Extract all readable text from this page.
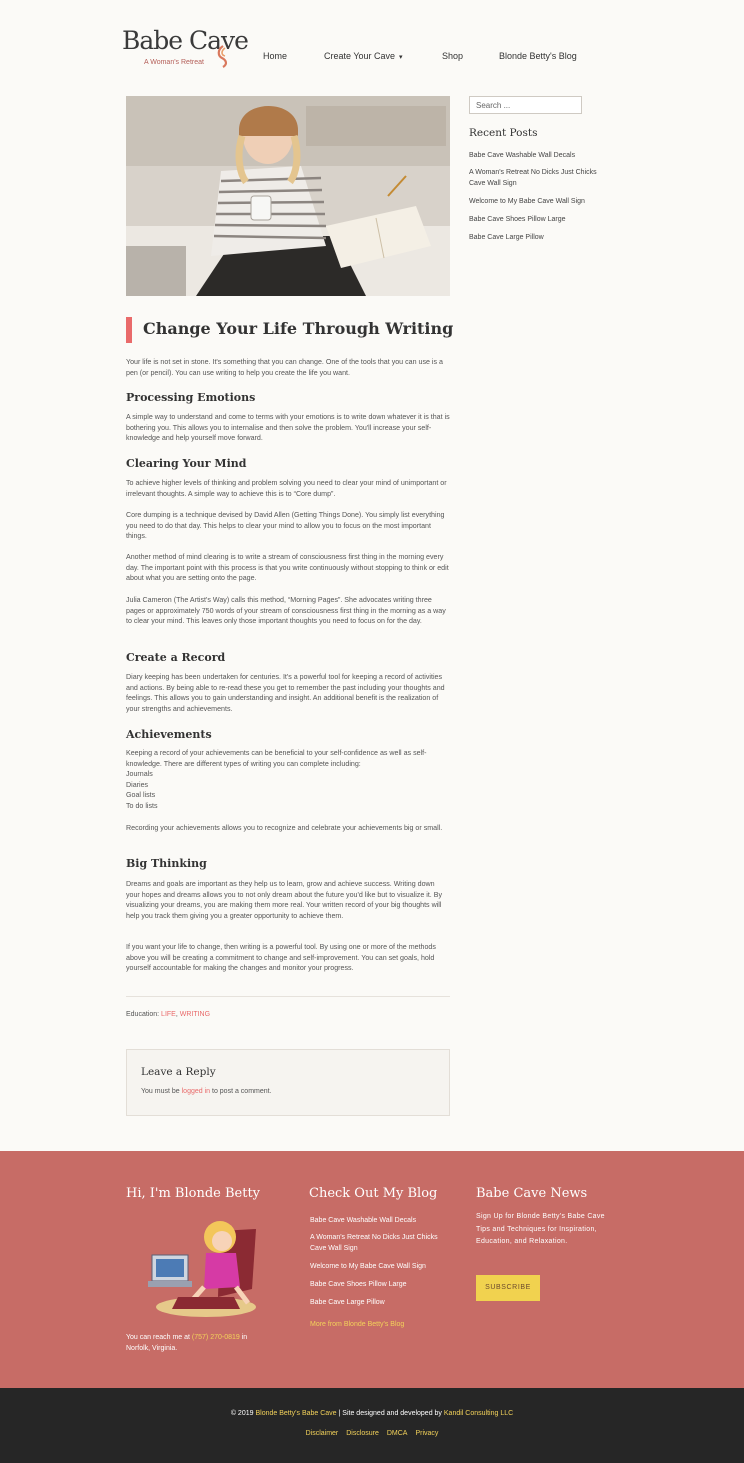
Babe Cave
A Woman's Retreat
Home	Create Your Cave ▾	Shop	Blonde Betty's Blog
Change Your Life Through Writing

Your life is not set in stone. It's something that you can change. One of the tools that you can use is a pen (or pencil). You can use writing to help you create the life you want.

Processing Emotions

A simple way to understand and come to terms with your emotions is to write down whatever it is that is bothering you. This allows you to internalise and then solve the problem. You'll increase your self-knowledge and help yourself move forward.

Clearing Your Mind

To achieve higher levels of thinking and problem solving you need to clear your mind of unimportant or irrelevant thoughts. A simple way to achieve this is to “Core dump”.

Core dumping is a technique devised by David Allen (Getting Things Done). You simply list everything you need to do that day. This helps to clear your mind to allow you to focus on the most important things.

Another method of mind clearing is to write a stream of consciousness first thing in the morning every day. The important point with this process is that you write continuously without stopping to think or edit about what you are setting onto the page.

Julia Cameron (The Artist's Way) calls this method, “Morning Pages”. She advocates writing three pages or approximately 750 words of your stream of consciousness first thing in the morning as a way to clear your mind. This leaves only those important thoughts you need to focus on for the day.

Create a Record

Diary keeping has been undertaken for centuries. It's a powerful tool for keeping a record of activities and actions. By being able to re-read these you get to remember the past including your thoughts and feelings. This allows you to gain understanding and insight. An additional benefit is the realization of your strengths and achievements.

Achievements

Keeping a record of your achievements can be beneficial to your self-confidence as well as self-knowledge. There are different types of writing you can complete including:

Journals
Diaries
Goal lists
To do lists

Recording your achievements allows you to recognize and celebrate your achievements big or small.

Big Thinking

Dreams and goals are important as they help us to learn, grow and achieve success. Writing down your hopes and dreams allows you to not only dream about the future you'd like but to visualize it. By visualizing your dreams, you are making them more real. Your written record of your big thoughts will help you track them giving you a greater opportunity to achieve them.

If you want your life to change, then writing is a powerful tool. By using one or more of the methods above you will be creating a commitment to change and self-improvement. You can set goals, hold yourself accountable for making the changes and monitor your progress.

Education: LIFE, WRITING
Leave a Reply
You must be logged in to post a comment.
Search ...
Recent Posts
Babe Cave Washable Wall Decals
A Woman's Retreat No Dicks Just Chicks Cave Wall Sign
Welcome to My Babe Cave Wall Sign
Babe Cave Shoes Pillow Large
Babe Cave Large Pillow
Hi, I'm Blonde Betty
You can reach me at (757) 270-0819 in
Norfolk, Virginia.
Check Out My Blog
Babe Cave Washable Wall Decals
A Woman's Retreat No Dicks Just Chicks Cave Wall Sign
Welcome to My Babe Cave Wall Sign
Babe Cave Shoes Pillow Large
Babe Cave Large Pillow
More from Blonde Betty's Blog
Babe Cave News
Sign Up for Blonde Betty's Babe Cave Tips and Techniques for Inspiration, Education, and Relaxation.
SUBSCRIBE
© 2019 Blonde Betty's Babe Cave | Site designed and developed by Kandil Consulting LLC
Disclaimer Disclosure DMCA Privacy
